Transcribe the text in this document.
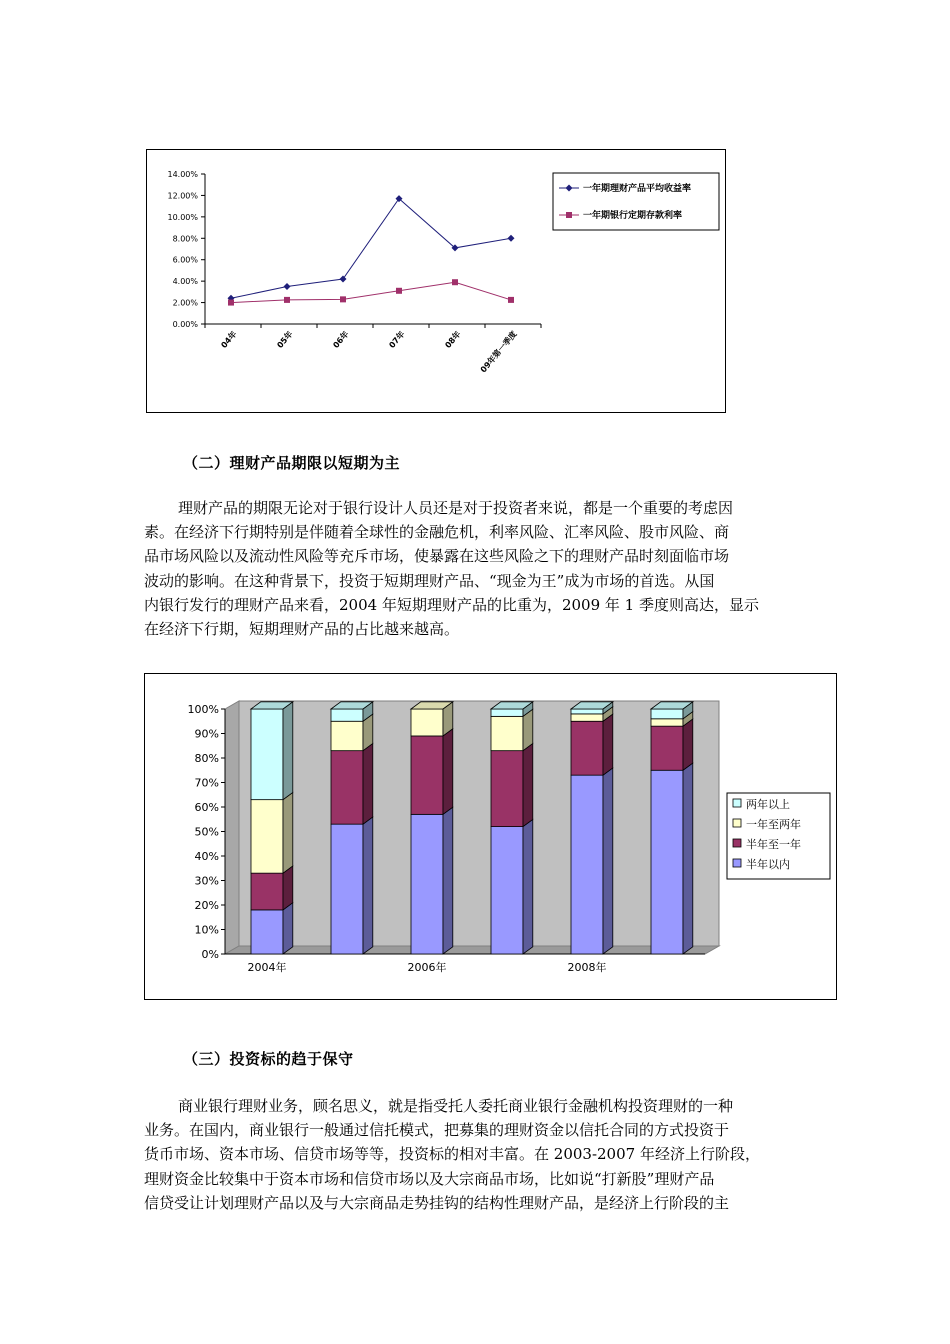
0.00%
2.00%
4.00%
6.00%
8.00%
10.00%
12.00%
14.00%
04年	05年	06年	07年	08年 09年第一季度
一年期理财产品平均收益率
一年期银行定期存款利率
（二）理财产品期限以短期为主

理财产品的期限无论对于银行设计人员还是对于投资者来说，都是一个重要的考虑因
素。在经济下行期特别是伴随着全球性的金融危机，利率风险、汇率风险、股市风险、商
品市场风险以及流动性风险等充斥市场，使暴露在这些风险之下的理财产品时刻面临市场
波动的影响。在这种背景下，投资于短期理财产品、“现金为王”成为市场的首选。从国
内银行发行的理财产品来看，2004 年短期理财产品的比重为，2009 年 1 季度则高达，显示
在经济下行期，短期理财产品的占比越来越高。

0%
10%
20%
30%
40%
50%
60%
70%
80%
90%
100%
2004年	2006年	2008年
两年以上
一年至两年
半年至一年
半年以内
（三）投资标的趋于保守

商业银行理财业务，顾名思义，就是指受托人委托商业银行金融机构投资理财的一种
业务。在国内，商业银行一般通过信托模式，把募集的理财资金以信托合同的方式投资于
货币市场、资本市场、信贷市场等等，投资标的相对丰富。在 2003-2007 年经济上行阶段，
理财资金比较集中于资本市场和信贷市场以及大宗商品市场，比如说“打新股”理财产品
信贷受让计划理财产品以及与大宗商品走势挂钩的结构性理财产品，是经济上行阶段的主
